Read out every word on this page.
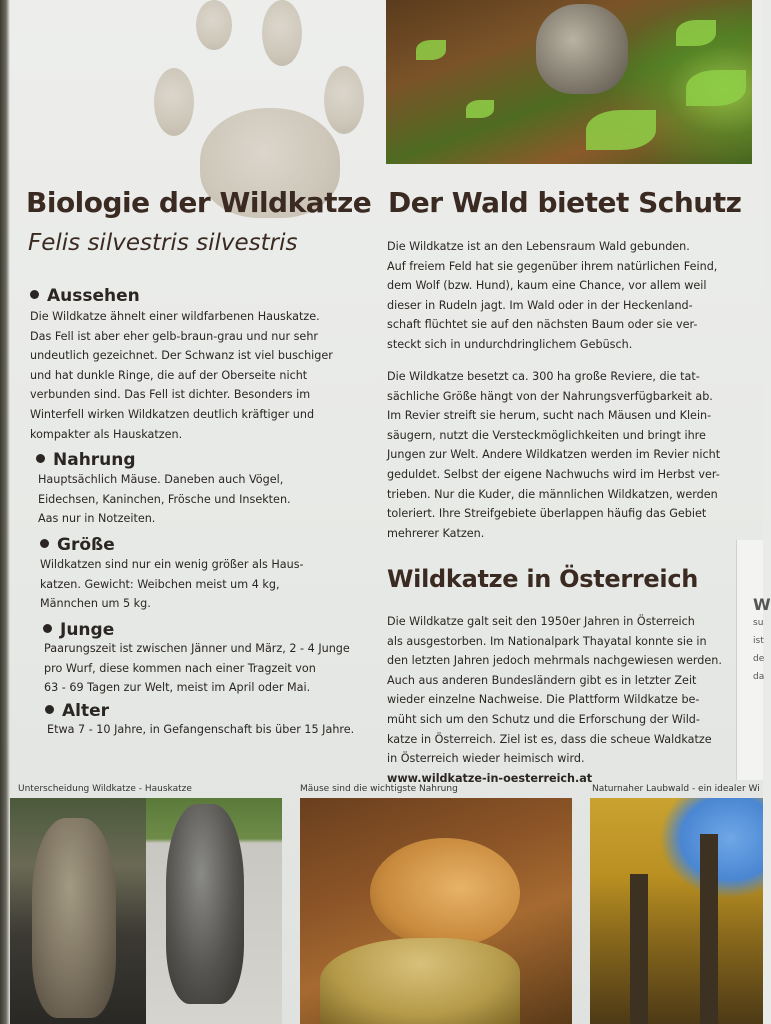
Biologie der Wildkatze
Felis silvestris silvestris
Aussehen

Die Wildkatze ähnelt einer wildfarbenen Hauskatze.

Das Fell ist aber eher gelb-braun-grau und nur sehr

undeutlich gezeichnet. Der Schwanz ist viel buschiger

und hat dunkle Ringe, die auf der Oberseite nicht

verbunden sind. Das Fell ist dichter. Besonders im

Winterfell wirken Wildkatzen deutlich kräftiger und

kompakter als Hauskatzen.

Nahrung

Hauptsächlich Mäuse. Daneben auch Vögel,

Eidechsen, Kaninchen, Frösche und Insekten.

Aas nur in Notzeiten.

Größe

Wildkatzen sind nur ein wenig größer als Haus-

katzen. Gewicht: Weibchen meist um 4 kg,

Männchen um 5 kg.

Junge

Paarungszeit ist zwischen Jänner und März, 2 - 4 Junge

pro Wurf, diese kommen nach einer Tragzeit von

63 - 69 Tagen zur Welt, meist im April oder Mai.

Alter

Etwa 7 - 10 Jahre, in Gefangenschaft bis über 15 Jahre.

Der Wald bietet Schutz

Die Wildkatze ist an den Lebensraum Wald gebunden.

Auf freiem Feld hat sie gegenüber ihrem natürlichen Feind,

dem Wolf (bzw. Hund), kaum eine Chance, vor allem weil

dieser in Rudeln jagt. Im Wald oder in der Heckenland-

schaft flüchtet sie auf den nächsten Baum oder sie ver-

steckt sich in undurchdringlichem Gebüsch.

Die Wildkatze besetzt ca. 300 ha große Reviere, die tat-

sächliche Größe hängt von der Nahrungsverfügbarkeit ab.

Im Revier streift sie herum, sucht nach Mäusen und Klein-

säugern, nutzt die Versteckmöglichkeiten und bringt ihre

Jungen zur Welt. Andere Wildkatzen werden im Revier nicht

geduldet. Selbst der eigene Nachwuchs wird im Herbst ver-

trieben. Nur die Kuder, die männlichen Wildkatzen, werden

toleriert. Ihre Streifgebiete überlappen häufig das Gebiet

mehrerer Katzen.

Wildkatze in Österreich

Die Wildkatze galt seit den 1950er Jahren in Österreich

als ausgestorben. Im Nationalpark Thayatal konnte sie in

den letzten Jahren jedoch mehrmals nachgewiesen werden.

Auch aus anderen Bundesländern gibt es in letzter Zeit

wieder einzelne Nachweise. Die Plattform Wildkatze be-

müht sich um den Schutz und die Erforschung der Wild-

katze in Österreich. Ziel ist es, dass die scheue Waldkatze

in Österreich wieder heimisch wird.

www.wildkatze-in-oesterreich.at

W
su
ist
de
da
Unterscheidung Wildkatze - Hauskatze	Mäuse sind die wichtigste Nahrung	Naturnaher Laubwald - ein idealer Wi
